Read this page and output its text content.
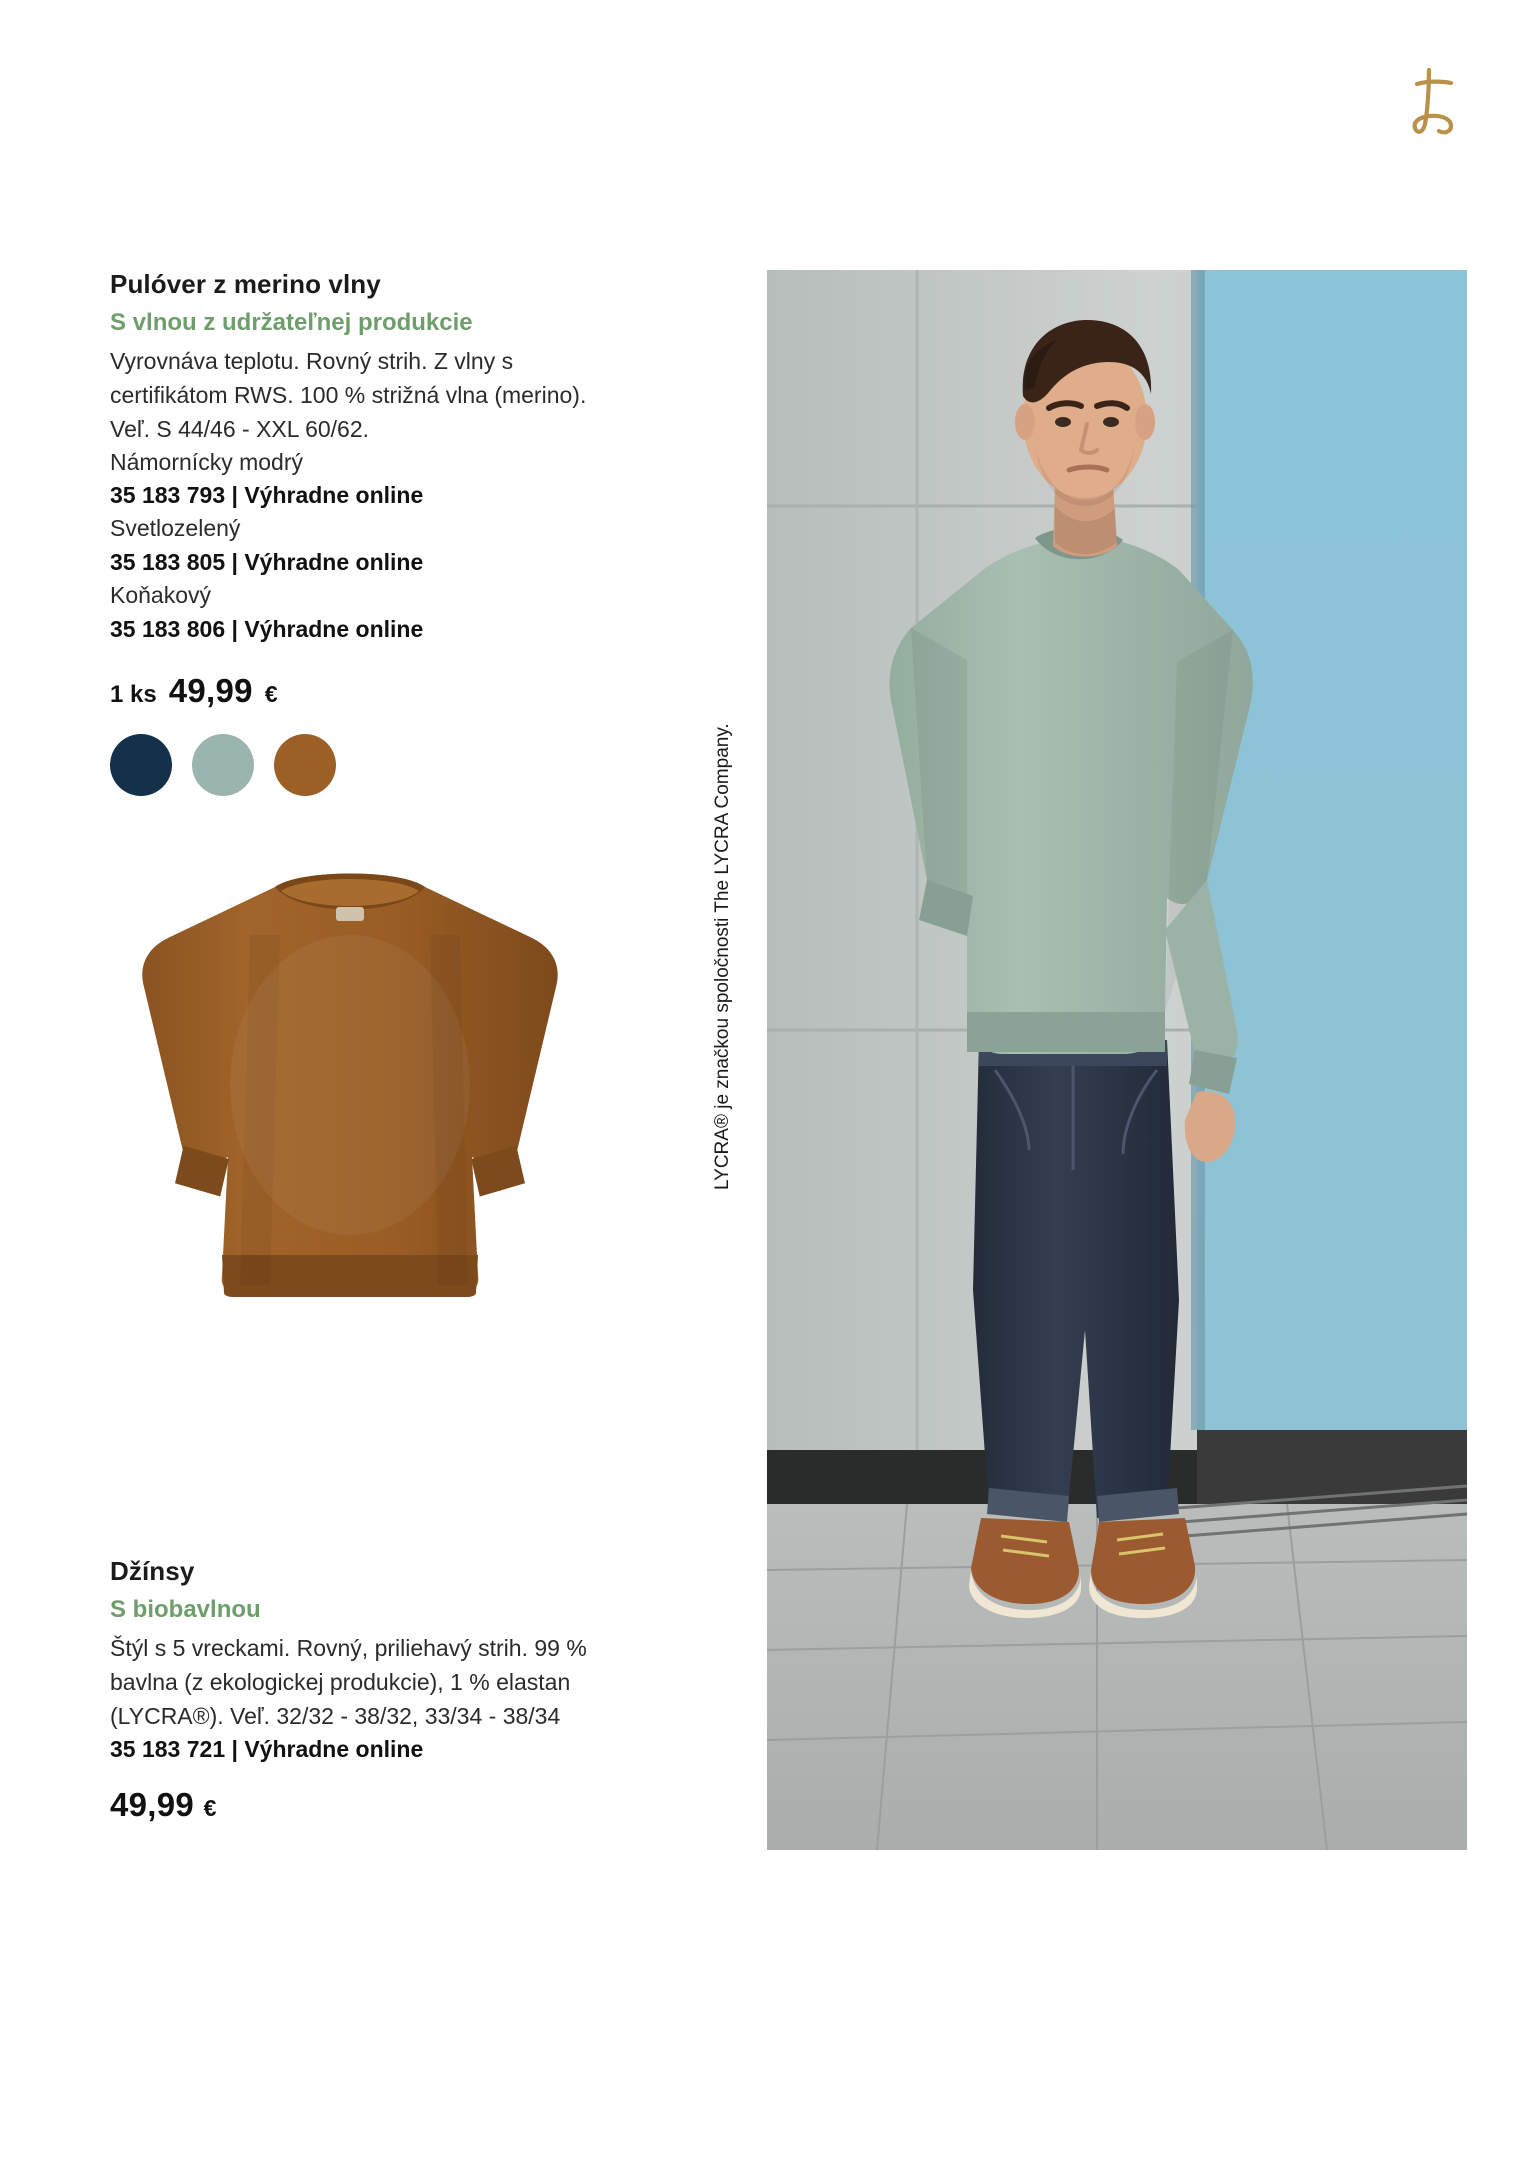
Pulóver z merino vlny
S vlnou z udržateľnej produkcie

Vyrovnáva teplotu. Rovný strih. Z vlny s certifikátom RWS. 100 % strižná vlna (merino). Veľ. S 44/46 - XXL 60/62.

Námornícky modrý
35 183 793 | Výhradne online
Svetlozelený
35 183 805 | Výhradne online
Koňakový
35 183 806 | Výhradne online
1 ks 49,99 €
Džínsy
S biobavlnou

Štýl s 5 vreckami. Rovný, priliehavý strih. 99 % bavlna (z ekologickej produkcie), 1 % elastan (LYCRA®). Veľ. 32/32 - 38/32, 33/34 - 38/34

35 183 721 | Výhradne online
49,99 €
LYCRA® je značkou spoločnosti The LYCRA Company.
